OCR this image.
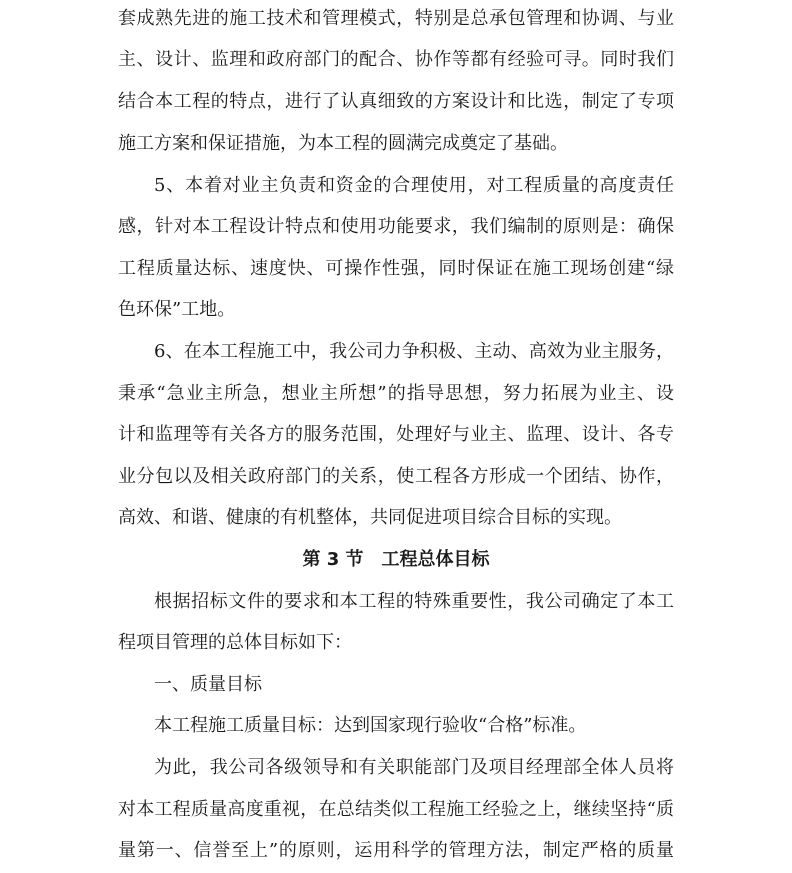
套成熟先进的施工技术和管理模式，特别是总承包管理和协调、与业
主、设计、监理和政府部门的配合、协作等都有经验可寻。同时我们
结合本工程的特点，进行了认真细致的方案设计和比选，制定了专项
施工方案和保证措施，为本工程的圆满完成奠定了基础。
5、本着对业主负责和资金的合理使用，对工程质量的高度责任
感，针对本工程设计特点和使用功能要求，我们编制的原则是：确保
工程质量达标、速度快、可操作性强，同时保证在施工现场创建“绿
色环保”工地。
6、在本工程施工中，我公司力争积极、主动、高效为业主服务，
秉承“急业主所急，想业主所想”的指导思想，努力拓展为业主、设
计和监理等有关各方的服务范围，处理好与业主、监理、设计、各专
业分包以及相关政府部门的关系，使工程各方形成一个团结、协作，
高效、和谐、健康的有机整体，共同促进项目综合目标的实现。
第 3 节　工程总体目标
根据招标文件的要求和本工程的特殊重要性，我公司确定了本工
程项目管理的总体目标如下：
一、质量目标
本工程施工质量目标：达到国家现行验收“合格”标准。
为此，我公司各级领导和有关职能部门及项目经理部全体人员将
对本工程质量高度重视，在总结类似工程施工经验之上，继续坚持“质
量第一、信誉至上”的原则，运用科学的管理方法，制定严格的质量
